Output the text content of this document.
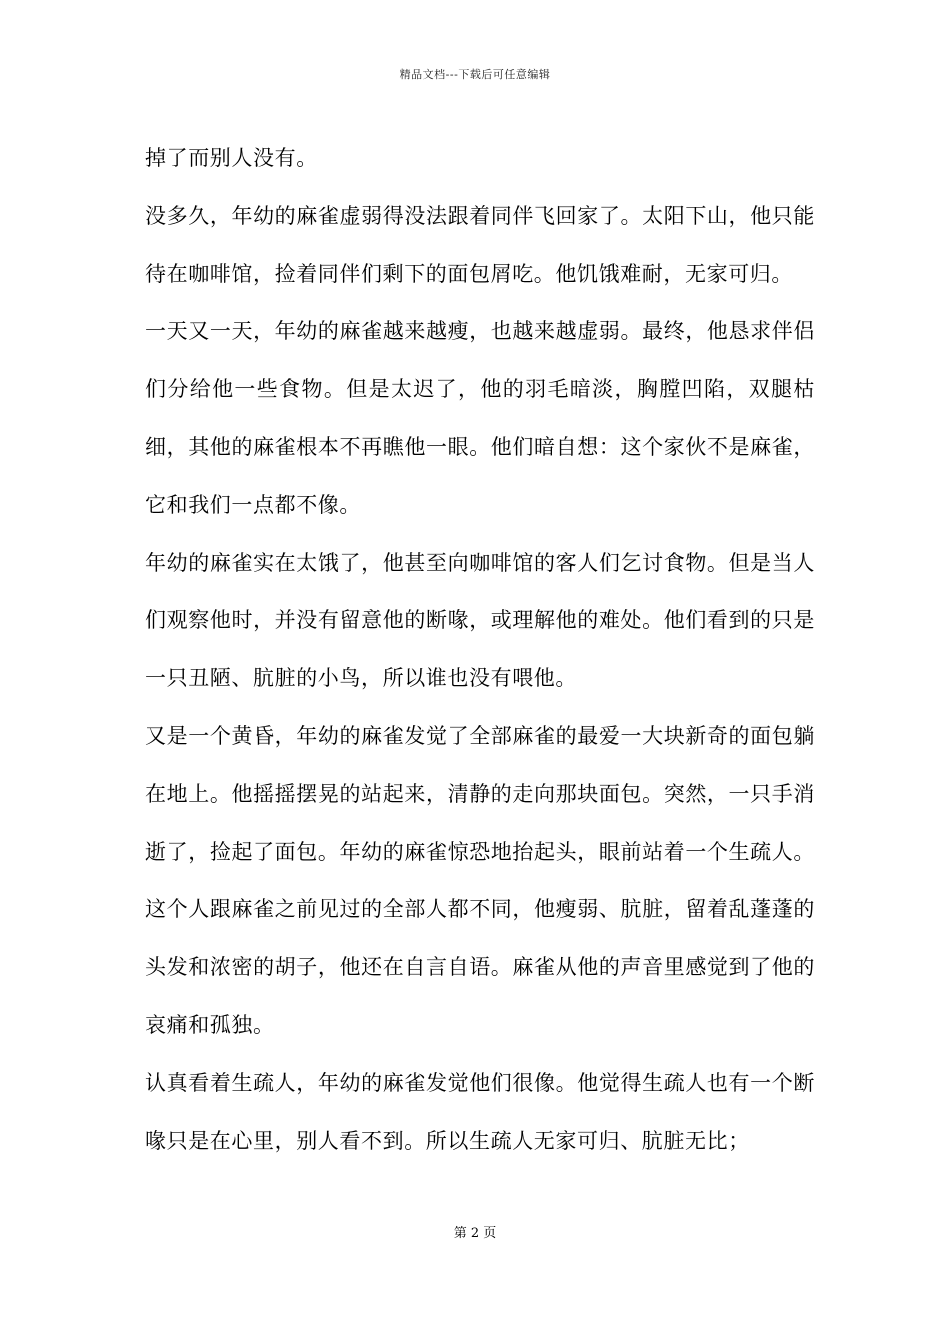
精品文档---下载后可任意编辑

掉了而别人没有。

没多久，年幼的麻雀虚弱得没法跟着同伴飞回家了。太阳下山，他只能待在咖啡馆，捡着同伴们剩下的面包屑吃。他饥饿难耐，无家可归。

一天又一天，年幼的麻雀越来越瘦，也越来越虚弱。最终，他恳求伴侣们分给他一些食物。但是太迟了，他的羽毛暗淡，胸膛凹陷，双腿枯细，其他的麻雀根本不再瞧他一眼。他们暗自想：这个家伙不是麻雀，它和我们一点都不像。

年幼的麻雀实在太饿了，他甚至向咖啡馆的客人们乞讨食物。但是当人们观察他时，并没有留意他的断喙，或理解他的难处。他们看到的只是一只丑陋、肮脏的小鸟，所以谁也没有喂他。

又是一个黄昏，年幼的麻雀发觉了全部麻雀的最爱一大块新奇的面包躺在地上。他摇摇摆晃的站起来，清静的走向那块面包。突然，一只手消逝了，捡起了面包。年幼的麻雀惊恐地抬起头，眼前站着一个生疏人。这个人跟麻雀之前见过的全部人都不同，他瘦弱、肮脏，留着乱蓬蓬的头发和浓密的胡子，他还在自言自语。麻雀从他的声音里感觉到了他的哀痛和孤独。

认真看着生疏人，年幼的麻雀发觉他们很像。他觉得生疏人也有一个断喙只是在心里，别人看不到。所以生疏人无家可归、肮脏无比；

第 2 页
